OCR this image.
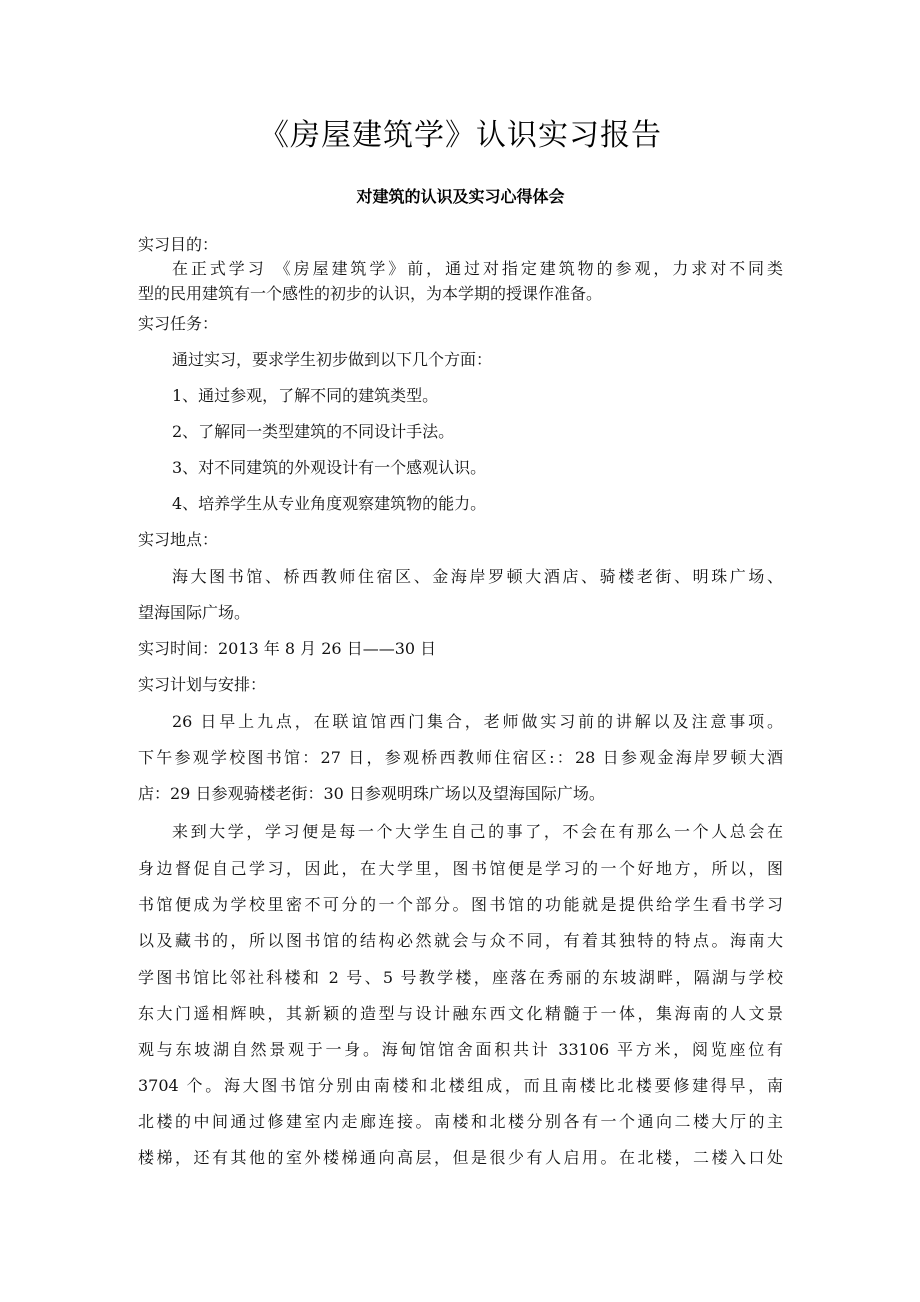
《房屋建筑学》认识实习报告
对建筑的认识及实习心得体会
实习目的：
在正式学习 《房屋建筑学》前，通过对指定建筑物的参观，力求对不同类
型的民用建筑有一个感性的初步的认识，为本学期的授课作准备。
实习任务：
通过实习，要求学生初步做到以下几个方面：
1、通过参观，了解不同的建筑类型。
2、了解同一类型建筑的不同设计手法。
3、对不同建筑的外观设计有一个感观认识。
4、培养学生从专业角度观察建筑物的能力。
实习地点：
海大图书馆、桥西教师住宿区、金海岸罗顿大酒店、骑楼老街、明珠广场、
望海国际广场。
实习时间：2013 年 8 月 26 日——30 日
实习计划与安排：
26 日早上九点，在联谊馆西门集合，老师做实习前的讲解以及注意事项。
下午参观学校图书馆：27 日，参观桥西教师住宿区:：28 日参观金海岸罗顿大酒
店：29 日参观骑楼老街：30 日参观明珠广场以及望海国际广场。
来到大学，学习便是每一个大学生自己的事了，不会在有那么一个人总会在
身边督促自己学习，因此，在大学里，图书馆便是学习的一个好地方，所以，图
书馆便成为学校里密不可分的一个部分。图书馆的功能就是提供给学生看书学习
以及藏书的，所以图书馆的结构必然就会与众不同，有着其独特的特点。海南大
学图书馆比邻社科楼和 2 号、5 号教学楼，座落在秀丽的东坡湖畔，隔湖与学校
东大门遥相辉映，其新颖的造型与设计融东西文化精髓于一体，集海南的人文景
观与东坡湖自然景观于一身。海甸馆馆舍面积共计 33106 平方米，阅览座位有
3704 个。海大图书馆分别由南楼和北楼组成，而且南楼比北楼要修建得早，南
北楼的中间通过修建室内走廊连接。南楼和北楼分别各有一个通向二楼大厅的主
楼梯，还有其他的室外楼梯通向高层，但是很少有人启用。在北楼，二楼入口处
